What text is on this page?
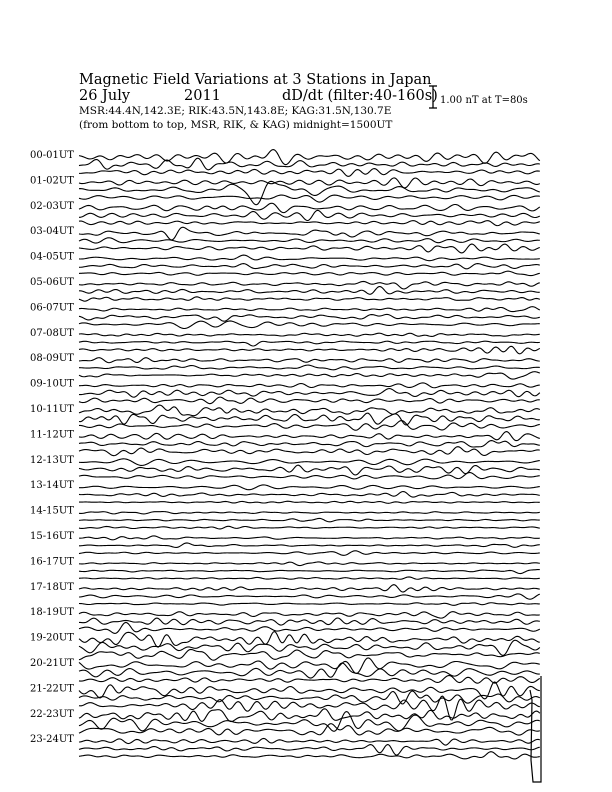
Magnetic Field Variations at 3 Stations in Japan
26 July	2011	dD/dt (filter:40-160s)
MSR:44.4N,142.3E; RIK:43.5N,143.8E; KAG:31.5N,130.7E
(from bottom to top, MSR, RIK, & KAG) midnight=1500UT
1.00 nT at T=80s
00-01UT
01-02UT
02-03UT
03-04UT
04-05UT
05-06UT
06-07UT
07-08UT
08-09UT
09-10UT
10-11UT
11-12UT
12-13UT
13-14UT
14-15UT
15-16UT
16-17UT
17-18UT
18-19UT
19-20UT
20-21UT
21-22UT
22-23UT
23-24UT
